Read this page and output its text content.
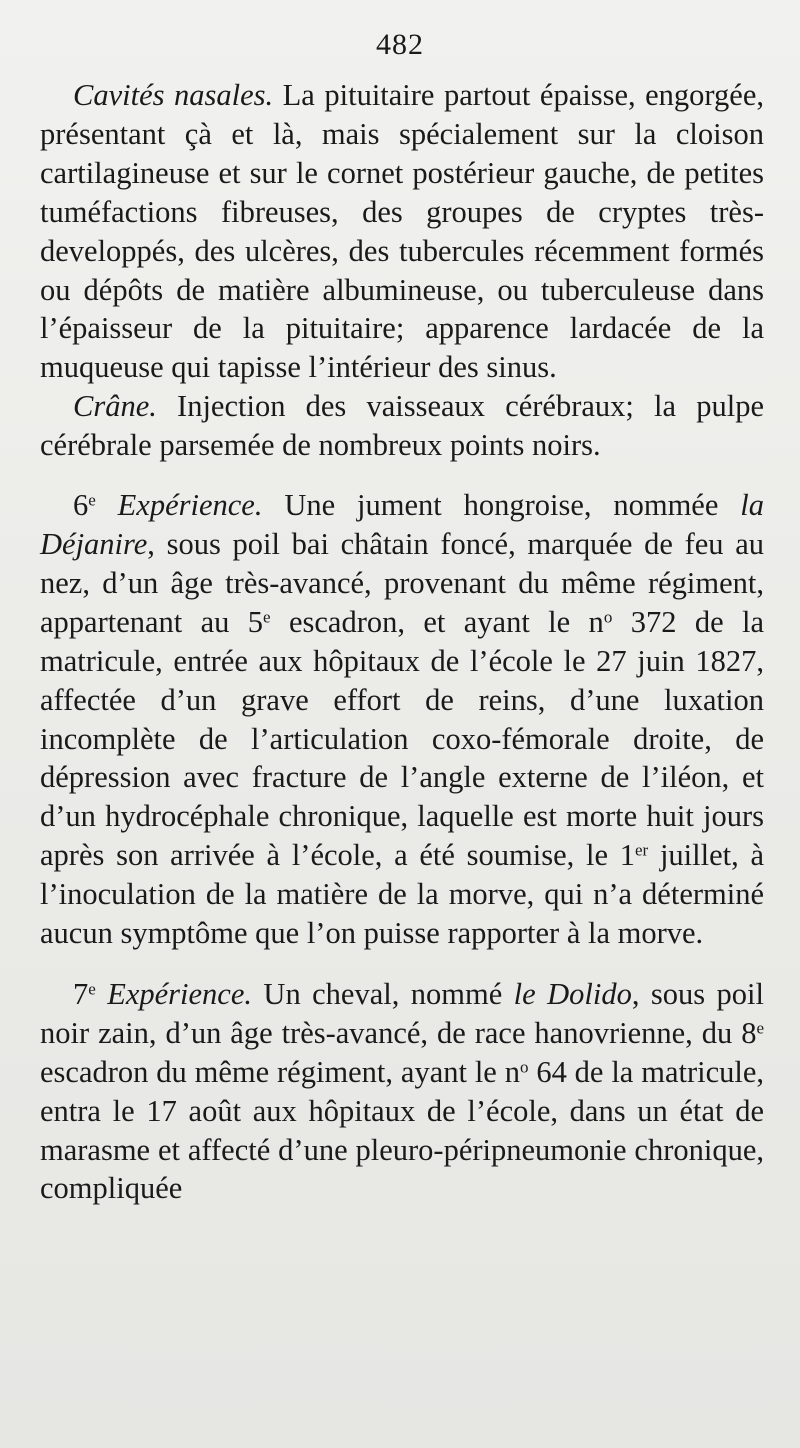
482

Cavités nasales. La pituitaire partout épaisse, engorgée, présentant çà et là, mais spécialement sur la cloison cartilagineuse et sur le cornet postérieur gauche, de petites tuméfactions fibreuses, des groupes de cryptes très-developpés, des ulcères, des tubercules récemment formés ou dépôts de matière albumineuse, ou tuberculeuse dans l’épaisseur de la pituitaire; apparence lardacée de la muqueuse qui tapisse l’intérieur des sinus.

Crâne. Injection des vaisseaux cérébraux; la pulpe cérébrale parsemée de nombreux points noirs.

6e Expérience. Une jument hongroise, nommée la Déjanire, sous poil bai châtain foncé, marquée de feu au nez, d’un âge très-avancé, provenant du même régiment, appartenant au 5e escadron, et ayant le $n^o$ 372 de la matricule, entrée aux hôpitaux de l’école le 27 juin 1827, affectée d’un grave effort de reins, d’une luxation incomplète de l’articulation coxo-fémorale droite, de dépression avec fracture de l’angle externe de l’iléon, et d’un hydrocéphale chronique, laquelle est morte huit jours après son arrivée à l’école, a été soumise, le 1er juillet, à l’inoculation de la matière de la morve, qui n’a déterminé aucun symptôme que l’on puisse rapporter à la morve.

7e Expérience. Un cheval, nommé le Dolido, sous poil noir zain, d’un âge très-avancé, de race hanovrienne, du 8e escadron du même régiment, ayant le $n^o$ 64 de la matricule, entra le 17 août aux hôpitaux de l’école, dans un état de marasme et affecté d’une pleuro-péripneumonie chronique, compliquée
